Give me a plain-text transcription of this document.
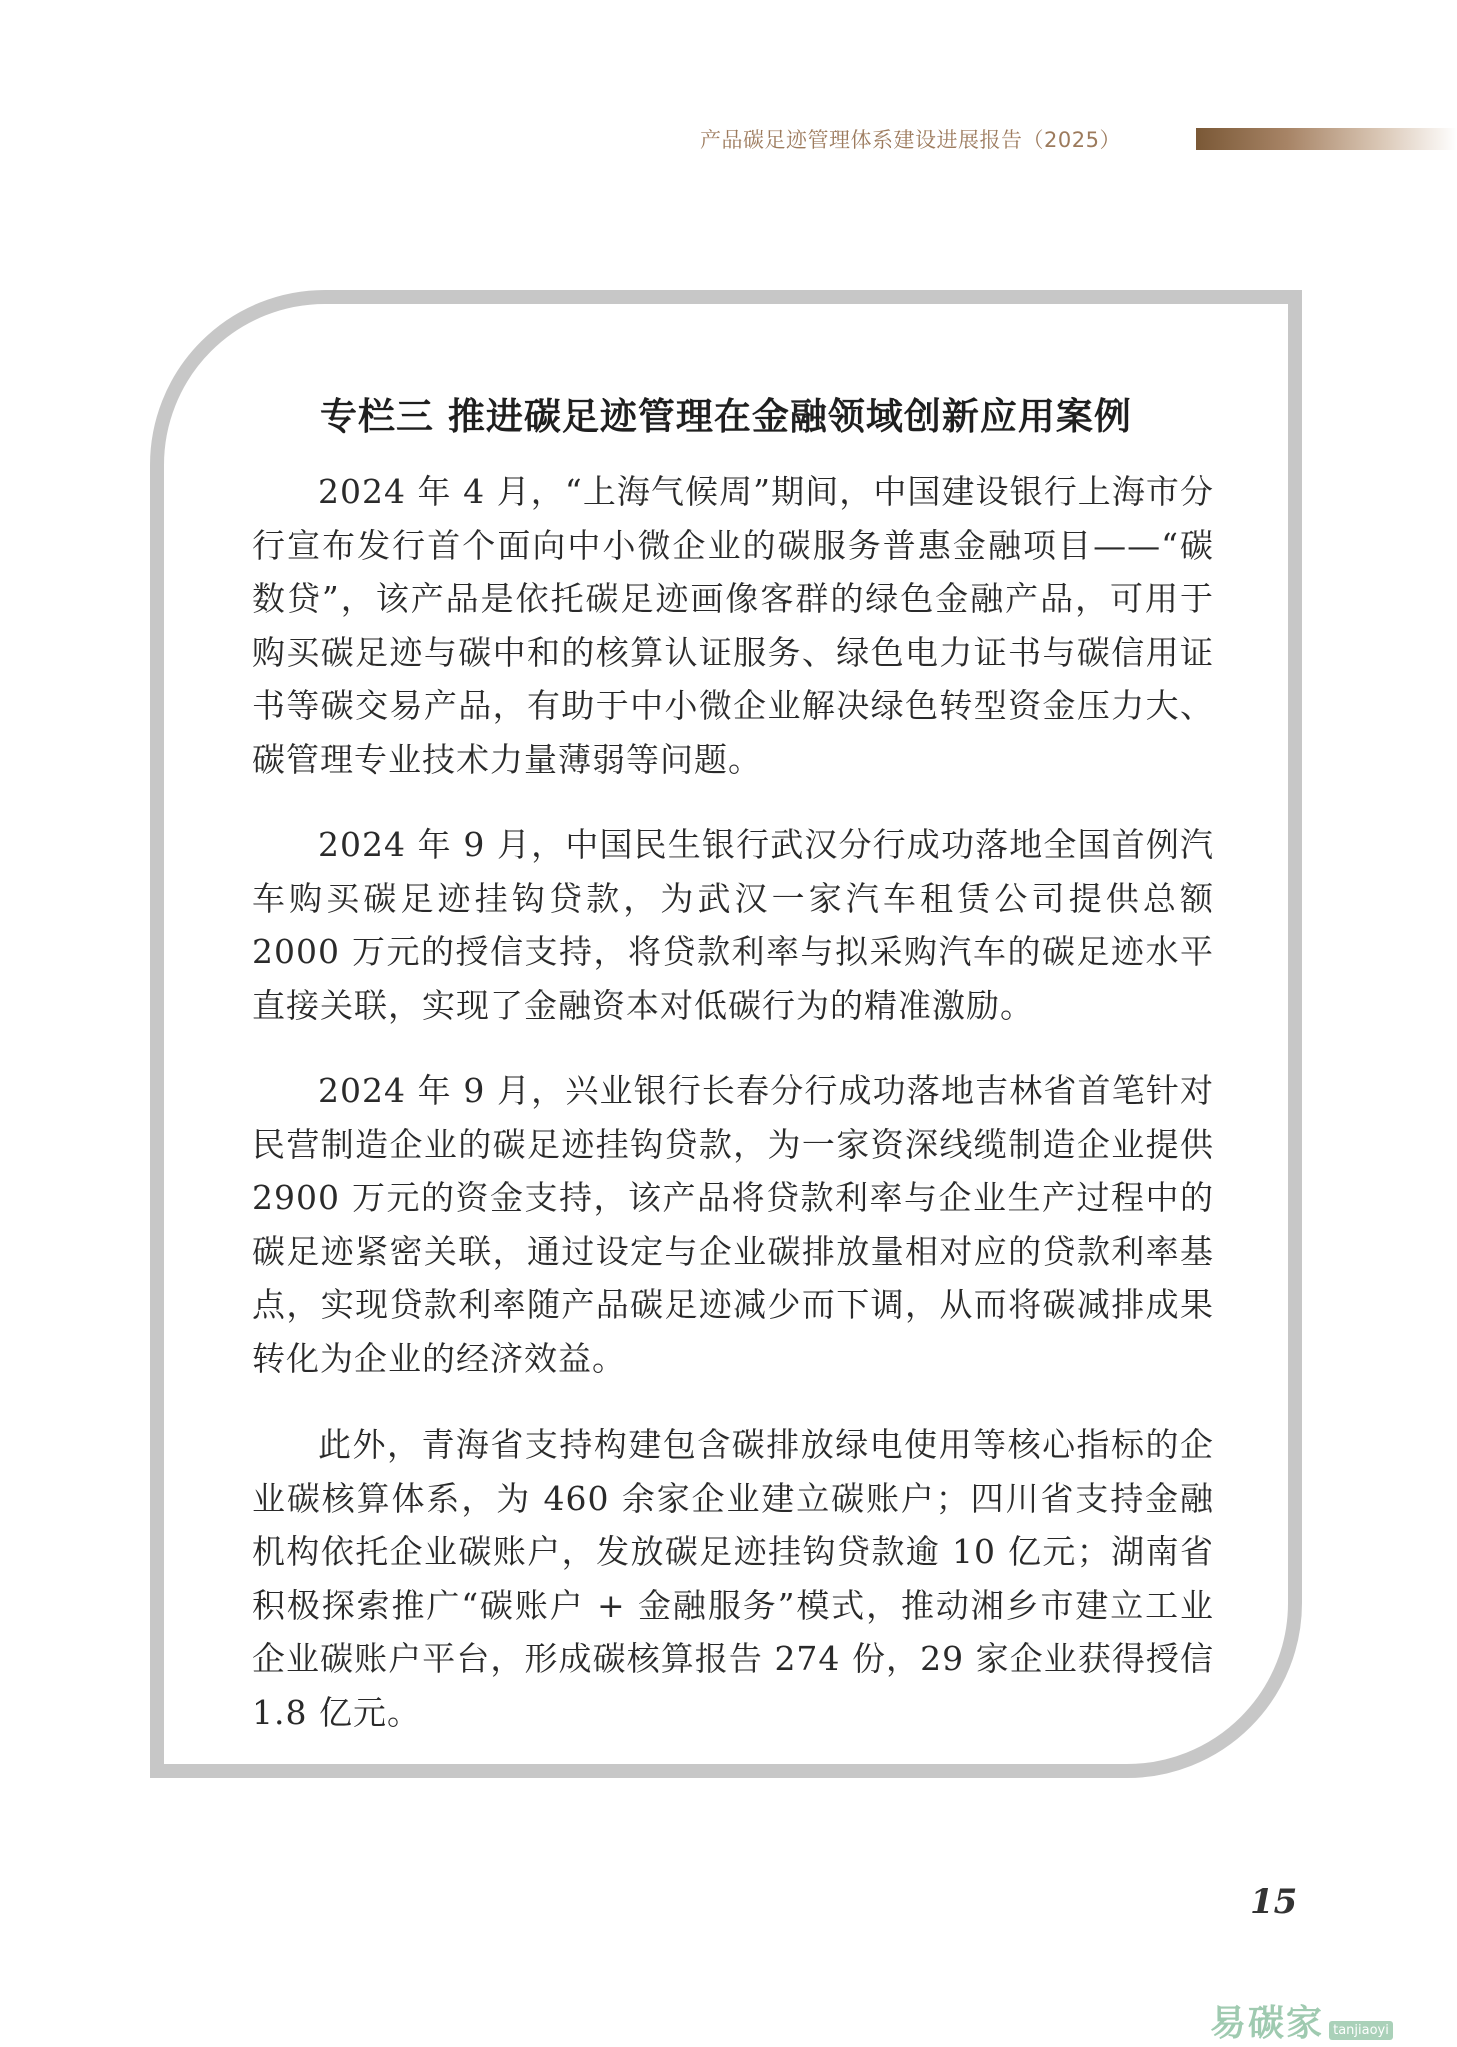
产品碳足迹管理体系建设进展报告（2025）
专栏三 推进碳足迹管理在金融领域创新应用案例

2024 年 4 月，“上海气候周”期间，中国建设银行上海市分行宣布发行首个面向中小微企业的碳服务普惠金融项目——“碳数贷”，该产品是依托碳足迹画像客群的绿色金融产品，可用于购买碳足迹与碳中和的核算认证服务、绿色电力证书与碳信用证书等碳交易产品，有助于中小微企业解决绿色转型资金压力大、碳管理专业技术力量薄弱等问题。

2024 年 9 月，中国民生银行武汉分行成功落地全国首例汽车购买碳足迹挂钩贷款，为武汉一家汽车租赁公司提供总额 2000 万元的授信支持，将贷款利率与拟采购汽车的碳足迹水平直接关联，实现了金融资本对低碳行为的精准激励。

2024 年 9 月，兴业银行长春分行成功落地吉林省首笔针对民营制造企业的碳足迹挂钩贷款，为一家资深线缆制造企业提供 2900 万元的资金支持，该产品将贷款利率与企业生产过程中的碳足迹紧密关联，通过设定与企业碳排放量相对应的贷款利率基点，实现贷款利率随产品碳足迹减少而下调，从而将碳减排成果转化为企业的经济效益。

此外，青海省支持构建包含碳排放绿电使用等核心指标的企业碳核算体系，为 460 余家企业建立碳账户；四川省支持金融机构依托企业碳账户，发放碳足迹挂钩贷款逾 10 亿元；湖南省积极探索推广“碳账户 + 金融服务”模式，推动湘乡市建立工业企业碳账户平台，形成碳核算报告 274 份，29 家企业获得授信 1.8 亿元。

15
易碳家 tanjiaoyi
